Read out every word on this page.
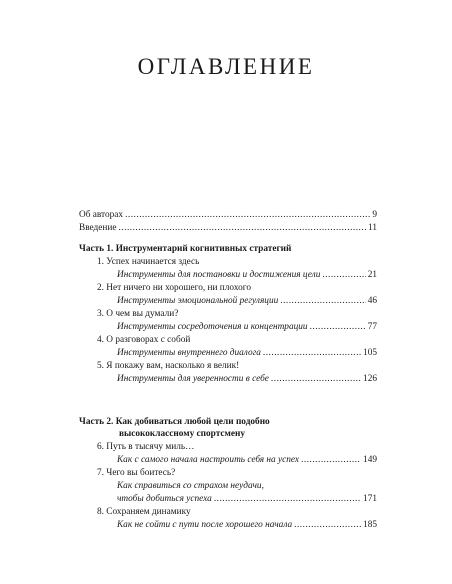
ОГЛАВЛЕНИЕ
Об авторах .....	9
Введение .....	11
Часть 1. Инструментарий когнитивных стратегий
1. Успех начинается здесь
Инструменты для постановки и достижения цели .....	21
2. Нет ничего ни хорошего, ни плохого
Инструменты эмоциональной регуляции .....	46
3. О чем вы думали?
Инструменты сосредоточения и концентрации .....	77
4. О разговорах с собой
Инструменты внутреннего диалога .....	105
5. Я покажу вам, насколько я велик!
Инструменты для уверенности в себе .....	126
Часть 2. Как добиваться любой цели подобно
высококлассному спортсмену
6. Путь в тысячу миль…
Как с самого начала настроить себя на успех .....	149
7. Чего вы боитесь?
Как справиться со страхом неудачи,
чтобы добиться успеха .....	171
8. Сохраняем динамику
Как не сойти с пути после хорошего начала .....	185
